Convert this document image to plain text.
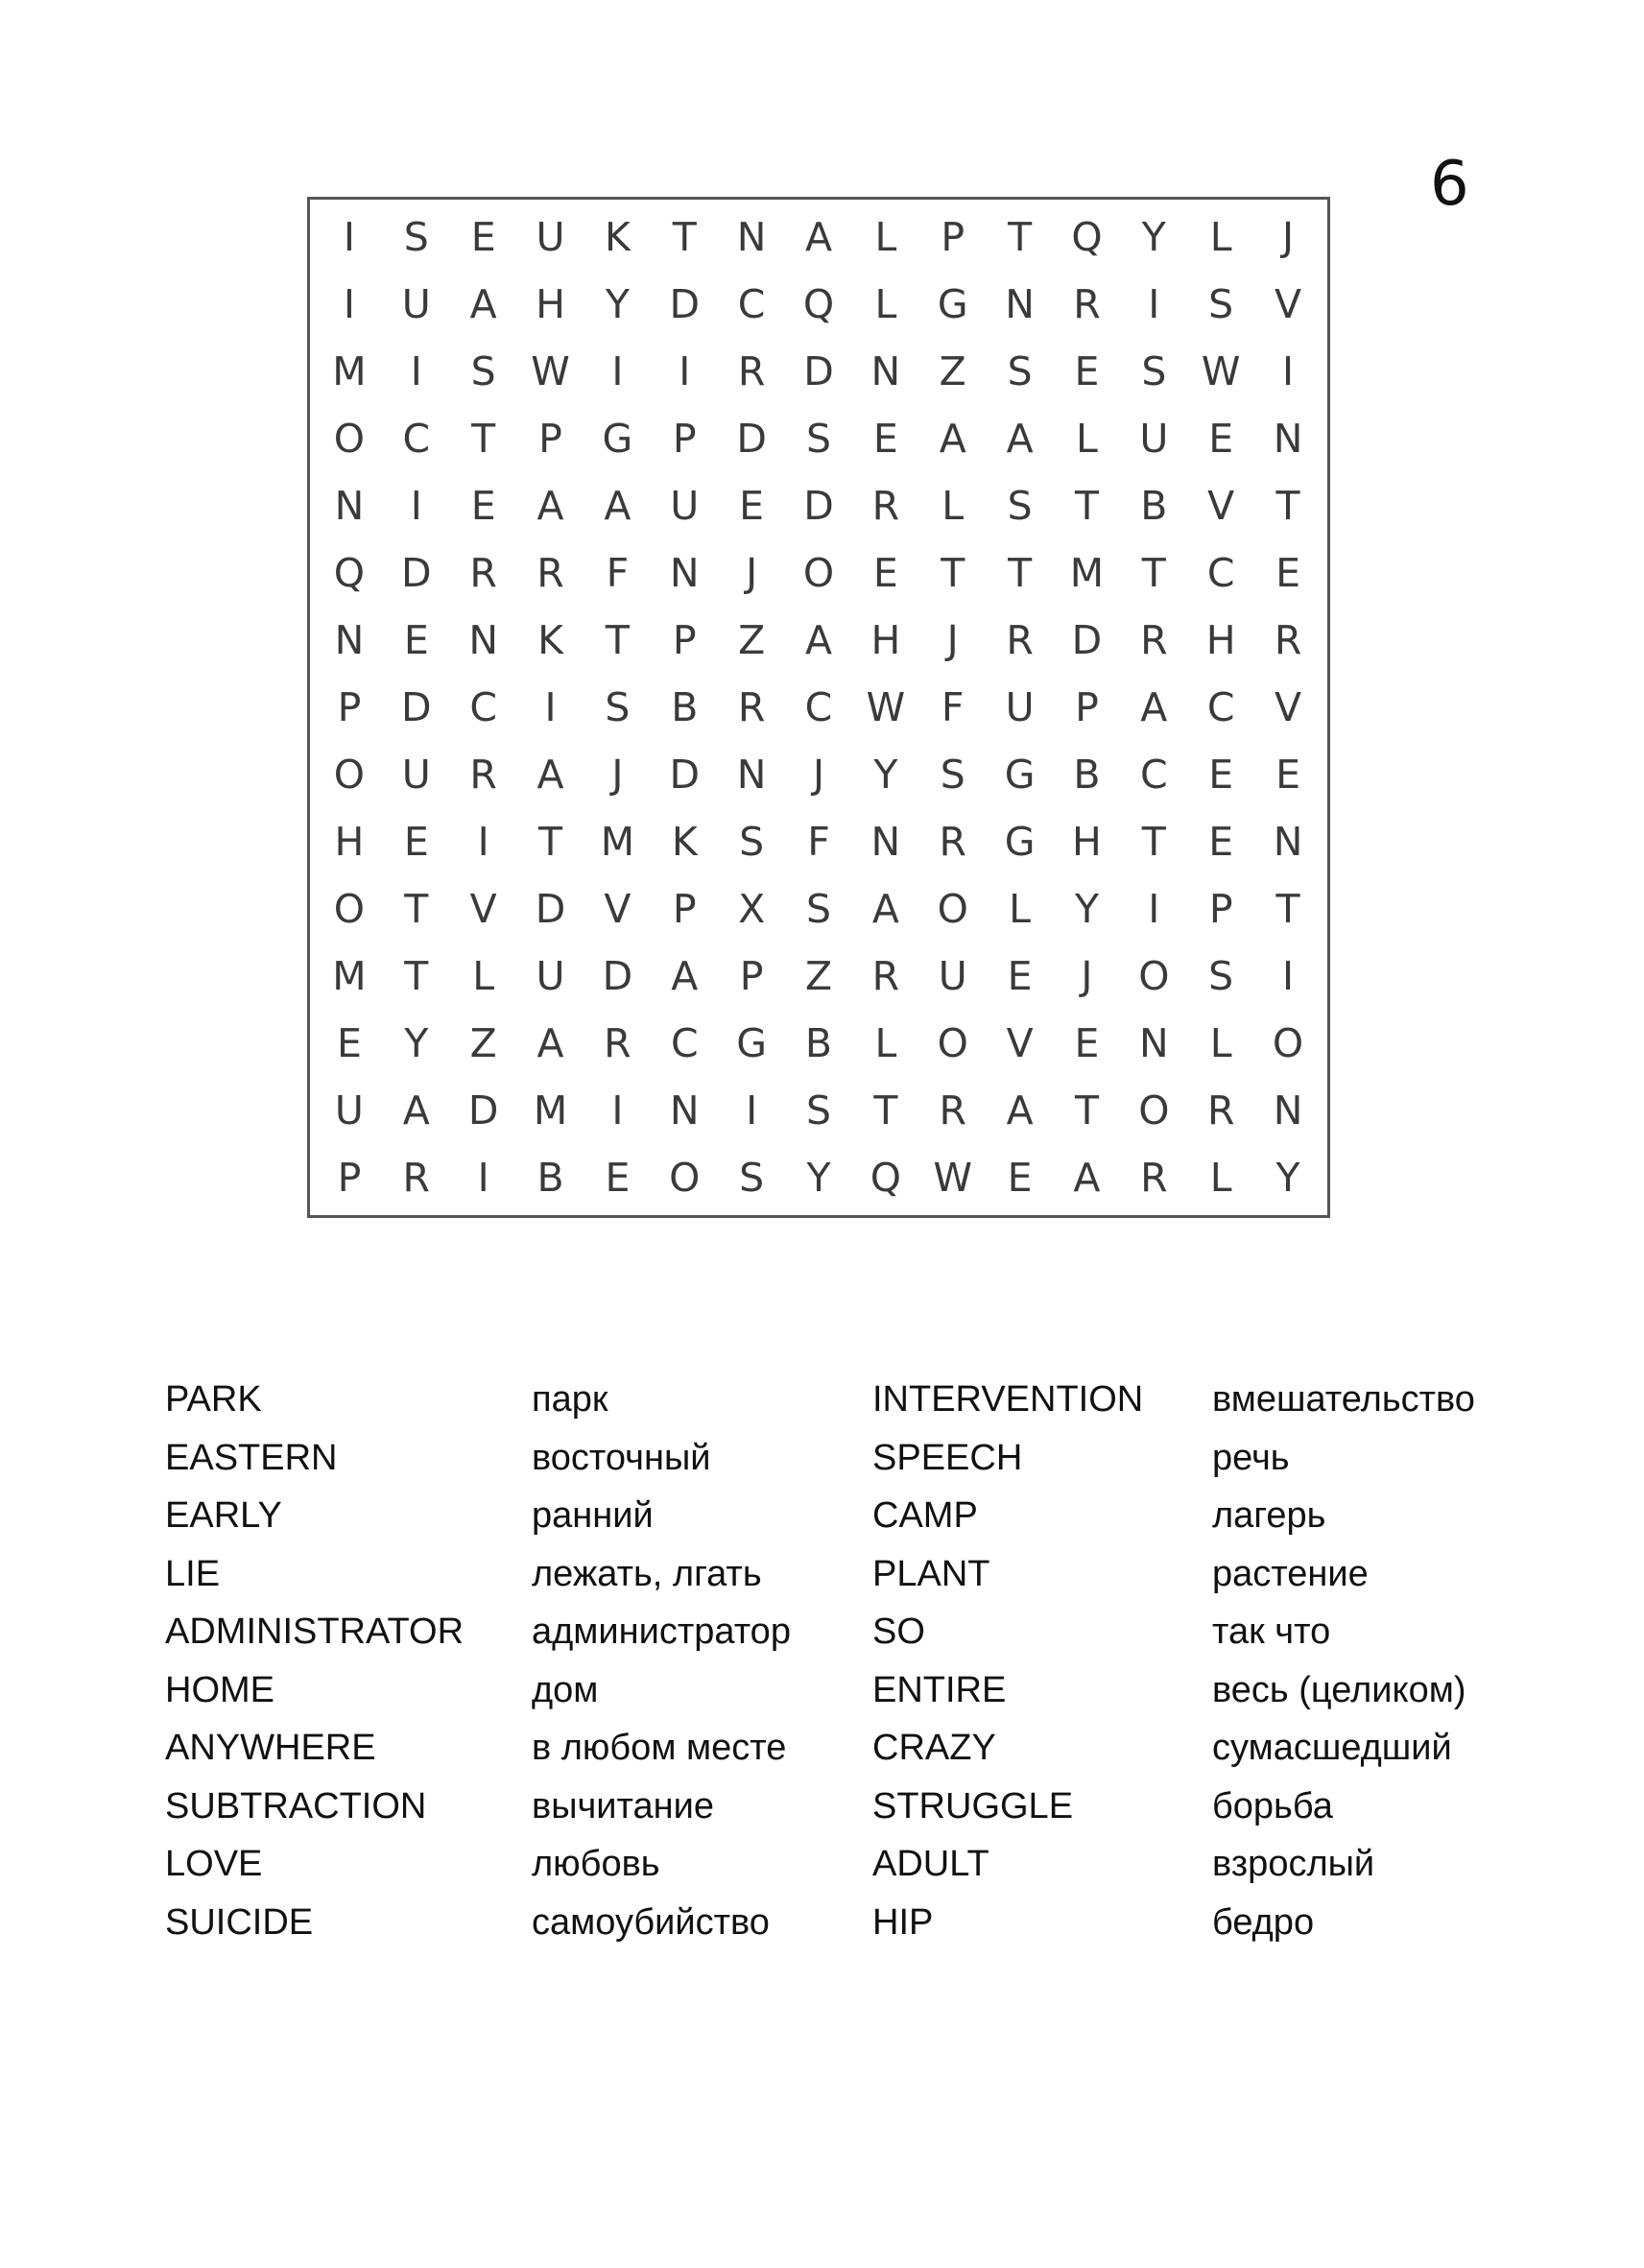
6
I	S	E	U	K	T	N A	L	P	T	Q	Y	L	J
I	U A H	Y	D C Q	L	G N R	I	S	V
M	I	S W	I	I	R D N Z	S	E	S W	I
O C	T	P	G	P	D	S	E	A	A	L	U	E	N
N	I	E	A	A U	E	D R	L	S	T	B	V	T
Q D R	R	F	N	J	O E	T	T M T	C	E
N	E	N	K	T	P	Z	A H	J	R D R H R
P	D C	I	S	B	R	C W F	U	P	A	C	V
O U R	A	J	D N	J	Y	S G B	C	E	E
H	E	I	T M K	S	F	N R G H	T	E	N
O	T	V D V	P	X	S	A O	L	Y	I	P	T
M T	L	U D A	P	Z	R U	E	J	O S	I
E	Y	Z	A	R	C G B	L	O V	E	N	L	O
U A D M	I	N	I	S	T	R	A	T	O R N
P	R	I	B	E O S	Y	Q W E	A	R	L	Y
PARK	парк	INTERVENTION	вмешательство
EASTERN	восточный	SPEECH	речь
EARLY	ранний	CAMP	лагерь
LIE	лежать, лгать	PLANT	растение
ADMINISTRATOR	администратор	SO	так что
HOME	дом	ENTIRE	весь (целиком)
ANYWHERE	в любом месте	CRAZY	сумасшедший
SUBTRACTION	вычитание	STRUGGLE	борьба
LOVE	любовь	ADULT	взрослый
SUICIDE	самоубийство	HIP	бедро
